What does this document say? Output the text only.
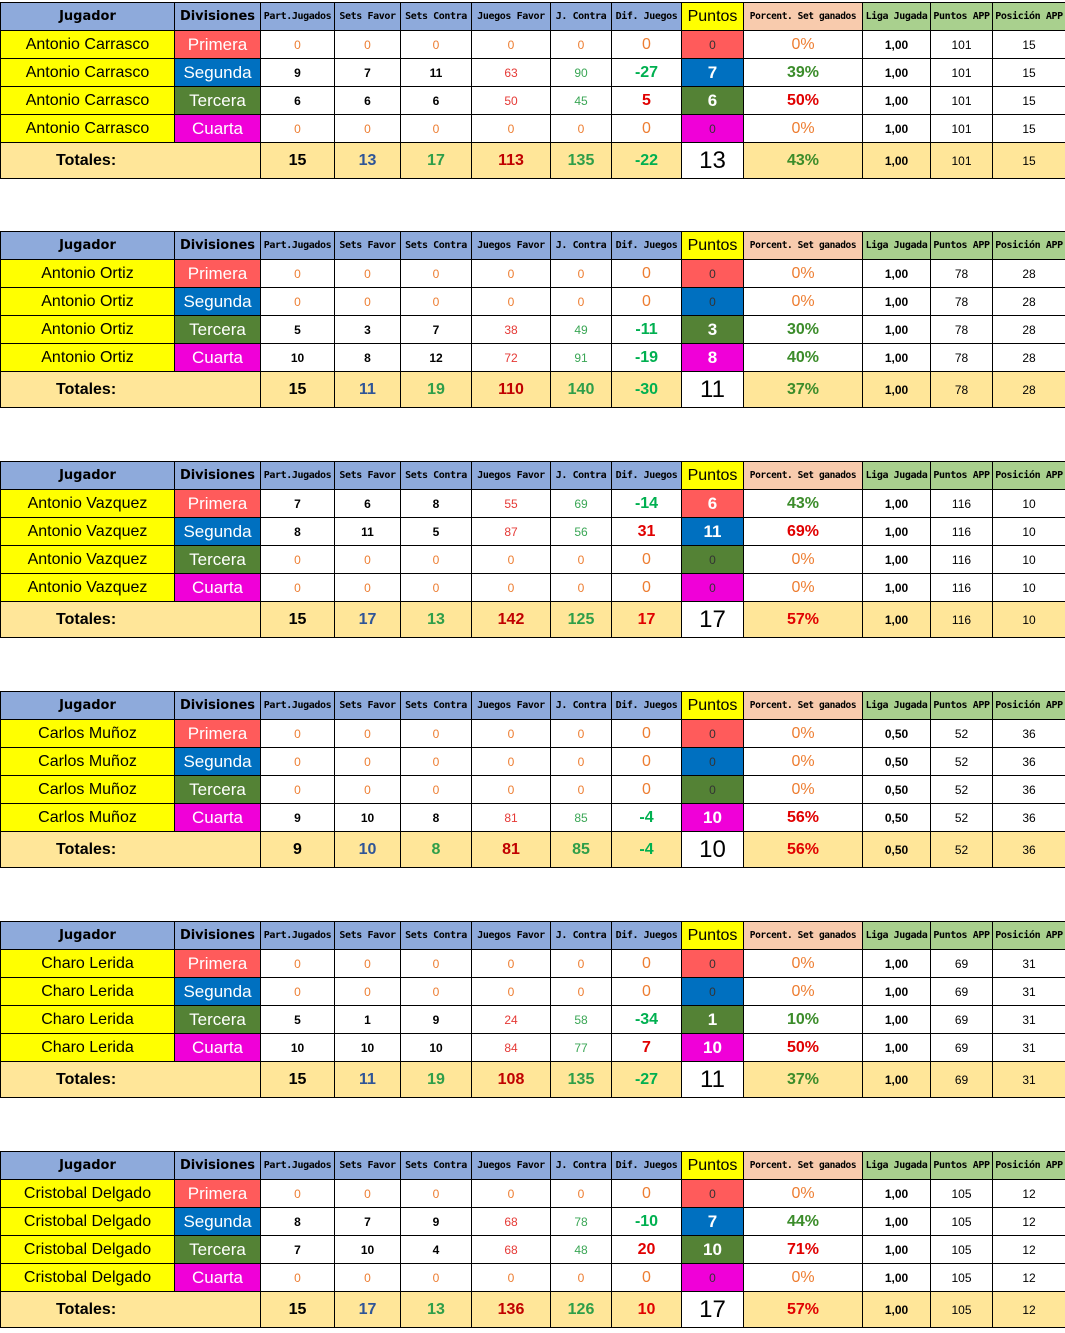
Jugador	Divisiones	Part.Jugados	Sets Favor	Sets Contra	Juegos Favor	J. Contra	Dif. Juegos	Puntos	Porcent. Set ganados	Liga Jugada	Puntos APP	Posición APP
Antonio Carrasco	Primera	0	0	0	0	0	0	0	0%	1,00	101	15
Antonio Carrasco	Segunda	9	7	11	63	90	-27	7	39%	1,00	101	15
Antonio Carrasco	Tercera	6	6	6	50	45	5	6	50%	1,00	101	15
Antonio Carrasco	Cuarta	0	0	0	0	0	0	0	0%	1,00	101	15
Totales:		15	13	17	113	135	-22	13	43%	1,00	101	15
Jugador	Divisiones	Part.Jugados	Sets Favor	Sets Contra	Juegos Favor	J. Contra	Dif. Juegos	Puntos	Porcent. Set ganados	Liga Jugada	Puntos APP	Posición APP
Antonio Ortiz	Primera	0	0	0	0	0	0	0	0%	1,00	78	28
Antonio Ortiz	Segunda	0	0	0	0	0	0	0	0%	1,00	78	28
Antonio Ortiz	Tercera	5	3	7	38	49	-11	3	30%	1,00	78	28
Antonio Ortiz	Cuarta	10	8	12	72	91	-19	8	40%	1,00	78	28
Totales:		15	11	19	110	140	-30	11	37%	1,00	78	28
Jugador	Divisiones	Part.Jugados	Sets Favor	Sets Contra	Juegos Favor	J. Contra	Dif. Juegos	Puntos	Porcent. Set ganados	Liga Jugada	Puntos APP	Posición APP
Antonio Vazquez	Primera	7	6	8	55	69	-14	6	43%	1,00	116	10
Antonio Vazquez	Segunda	8	11	5	87	56	31	11	69%	1,00	116	10
Antonio Vazquez	Tercera	0	0	0	0	0	0	0	0%	1,00	116	10
Antonio Vazquez	Cuarta	0	0	0	0	0	0	0	0%	1,00	116	10
Totales:		15	17	13	142	125	17	17	57%	1,00	116	10
Jugador	Divisiones	Part.Jugados	Sets Favor	Sets Contra	Juegos Favor	J. Contra	Dif. Juegos	Puntos	Porcent. Set ganados	Liga Jugada	Puntos APP	Posición APP
Carlos Muñoz	Primera	0	0	0	0	0	0	0	0%	0,50	52	36
Carlos Muñoz	Segunda	0	0	0	0	0	0	0	0%	0,50	52	36
Carlos Muñoz	Tercera	0	0	0	0	0	0	0	0%	0,50	52	36
Carlos Muñoz	Cuarta	9	10	8	81	85	-4	10	56%	0,50	52	36
Totales:		9	10	8	81	85	-4	10	56%	0,50	52	36
Jugador	Divisiones	Part.Jugados	Sets Favor	Sets Contra	Juegos Favor	J. Contra	Dif. Juegos	Puntos	Porcent. Set ganados	Liga Jugada	Puntos APP	Posición APP
Charo Lerida	Primera	0	0	0	0	0	0	0	0%	1,00	69	31
Charo Lerida	Segunda	0	0	0	0	0	0	0	0%	1,00	69	31
Charo Lerida	Tercera	5	1	9	24	58	-34	1	10%	1,00	69	31
Charo Lerida	Cuarta	10	10	10	84	77	7	10	50%	1,00	69	31
Totales:		15	11	19	108	135	-27	11	37%	1,00	69	31
Jugador	Divisiones	Part.Jugados	Sets Favor	Sets Contra	Juegos Favor	J. Contra	Dif. Juegos	Puntos	Porcent. Set ganados	Liga Jugada	Puntos APP	Posición APP
Cristobal Delgado	Primera	0	0	0	0	0	0	0	0%	1,00	105	12
Cristobal Delgado	Segunda	8	7	9	68	78	-10	7	44%	1,00	105	12
Cristobal Delgado	Tercera	7	10	4	68	48	20	10	71%	1,00	105	12
Cristobal Delgado	Cuarta	0	0	0	0	0	0	0	0%	1,00	105	12
Totales:		15	17	13	136	126	10	17	57%	1,00	105	12
